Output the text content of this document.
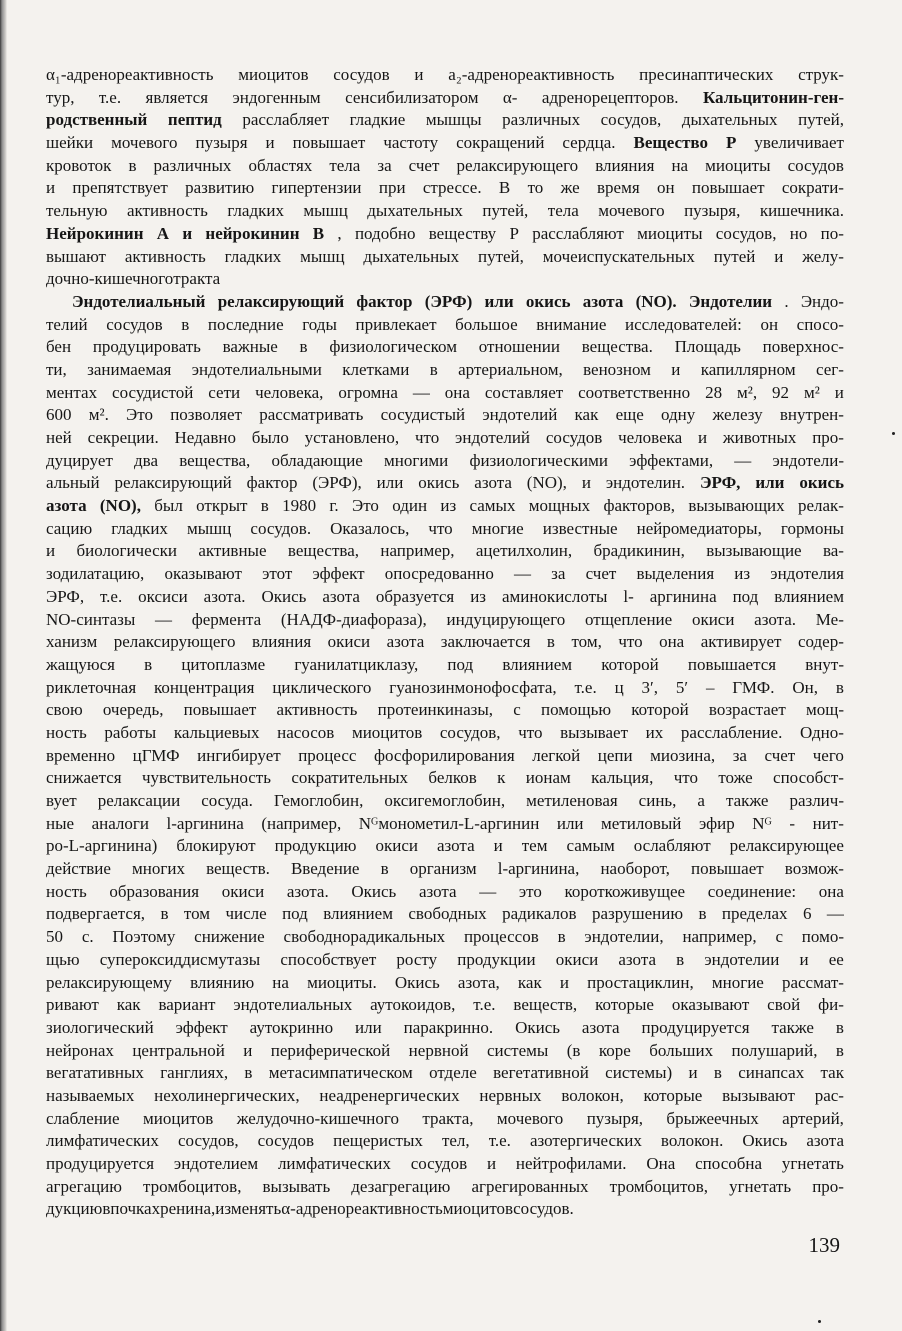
α₁-адренореактивность миоцитов сосудов и a₂-адренореактивность пресинаптических струк-
тур, т.е. является эндогенным сенсибилизатором α- адренорецепторов. Кальцитонин-ген-
родственный пептид расслабляет гладкие мышцы различных сосудов, дыхательных путей,
шейки мочевого пузыря и повышает частоту сокращений сердца. Вещество Р увеличивает
кровоток в различных областях тела за счет релаксирующего влияния на миоциты сосудов
и препятствует развитию гипертензии при стрессе. В то же время он повышает сократи-
тельную активность гладких мышц дыхательных путей, тела мочевого пузыря, кишечника.
Нейрокинин А и нейрокинин В , подобно веществу Р расслабляют миоциты сосудов, но по-
вышают активность гладких мышц дыхательных путей, мочеиспускательных путей и желу-
дочно-кишечного тракта
Эндотелиальный релаксирующий фактор (ЭРФ) или окись азота (NO). Эндотелии . Эндо-
телий сосудов в последние годы привлекает большое внимание исследователей: он спосо-
бен продуцировать важные в физиологическом отношении вещества. Площадь поверхнос-
ти, занимаемая эндотелиальными клетками в артериальном, венозном и капиллярном сег-
ментах сосудистой сети человека, огромна — она составляет соответственно 28 м², 92 м² и
600 м². Это позволяет рассматривать сосудистый эндотелий как еще одну железу внутрен-
ней секреции. Недавно было установлено, что эндотелий сосудов человека и животных про-
дуцирует два вещества, обладающие многими физиологическими эффектами, — эндотели-
альный релаксирующий фактор (ЭРФ), или окись азота (NO), и эндотелин. ЭРФ, или окись
азота (NO), был открыт в 1980 г. Это один из самых мощных факторов, вызывающих релак-
сацию гладких мышц сосудов. Оказалось, что многие известные нейромедиаторы, гормоны
и биологически активные вещества, например, ацетилхолин, брадикинин, вызывающие ва-
зодилатацию, оказывают этот эффект опосредованно — за счет выделения из эндотелия
ЭРФ, т.е. оксиси азота. Окись азота образуется из аминокислоты l- аргинина под влиянием
NO-синтазы — фермента (НАДФ-диафораза), индуцирующего отщепление окиси азота. Ме-
ханизм релаксирующего влияния окиси азота заключается в том, что она активирует содер-
жащуюся в цитоплазме гуанилатциклазу, под влиянием которой повышается внут-
риклеточная концентрация циклического гуанозинмонофосфата, т.е. ц 3′, 5′ – ГМФ. Он, в
свою очередь, повышает активность протеинкиназы, с помощью которой возрастает мощ-
ность работы кальциевых насосов миоцитов сосудов, что вызывает их расслабление. Одно-
временно цГМФ ингибирует процесс фосфорилирования легкой цепи миозина, за счет чего
снижается чувствительность сократительных белков к ионам кальция, что тоже способст-
вует релаксации сосуда. Гемоглобин, оксигемоглобин, метиленовая синь, а также различ-
ные аналоги l-аргинина (например, Nᴳмонометил-L-аргинин или метиловый эфир Nᴳ - нит-
ро-L-аргинина) блокируют продукцию окиси азота и тем самым ослабляют релаксирующее
действие многих веществ. Введение в организм l-аргинина, наоборот, повышает возмож-
ность образования окиси азота. Окись азота — это короткоживущее соединение: она
подвергается, в том числе под влиянием свободных радикалов разрушению в пределах 6 —
50 с. Поэтому снижение свободнорадикальных процессов в эндотелии, например, с помо-
щью супероксиддисмутазы способствует росту продукции окиси азота в эндотелии и ее
релаксирующему влиянию на миоциты. Окись азота, как и простациклин, многие рассмат-
ривают как вариант эндотелиальных аутокоидов, т.е. веществ, которые оказывают свой фи-
зиологический эффект аутокринно или паракринно. Окись азота продуцируется также в
нейронах центральной и периферической нервной системы (в коре больших полушарий, в
вегатативных ганглиях, в метасимпатическом отделе вегетативной системы) и в синапсах так
называемых нехолинергических, неадренергических нервных волокон, которые вызывают рас-
слабление миоцитов желудочно-кишечного тракта, мочевого пузыря, брыжеечных артерий,
лимфатических сосудов, сосудов пещеристых тел, т.е. азотергических волокон. Окись азота
продуцируется эндотелием лимфатических сосудов и нейтрофилами. Она способна угнетать
агрегацию тромбоцитов, вызывать дезагрегацию агрегированных тромбоцитов, угнетать про-
дукцию в почках ренина, изменять α- адренореактивность миоцитов сосудов.
139
